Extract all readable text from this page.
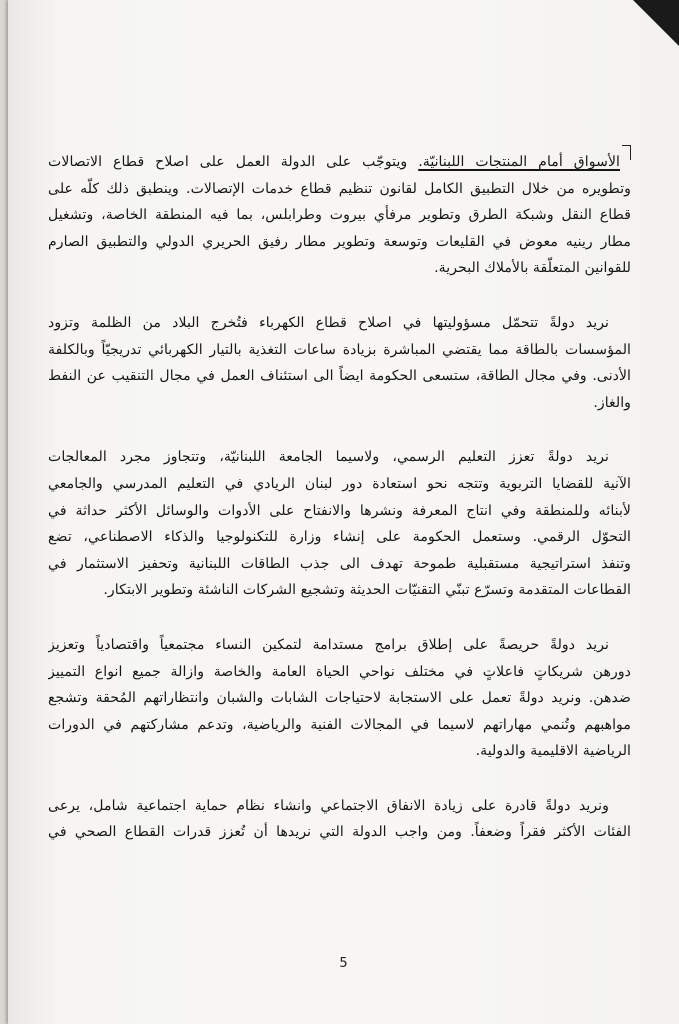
الأسواق أمام المنتجات اللبنانيّة. ويتوجّب على الدولة العمل على اصلاح قطاع الاتصالات
وتطويره من خلال التطبيق الكامل لقانون تنظيم قطاع خدمات الإتصالات. وينطبق ذلك كلّه على
قطاع النقل وشبكة الطرق وتطوير مرفأي بيروت وطرابلس، بما فيه المنطقة الخاصة، وتشغيل
مطار رينيه معوض في القليعات وتوسعة وتطوير مطار رفيق الحريري الدولي والتطبيق الصارم
للقوانين المتعلّقة بالأملاك البحرية.
نريد دولةً تتحمّل مسؤوليتها في اصلاح قطاع الكهرباء فتُخرج البلاد من الظلمة وتزود
المؤسسات بالطاقة مما يقتضي المباشرة بزيادة ساعات التغذية بالتيار الكهربائي تدريجيّاً وبالكلفة
الأدنى. وفي مجال الطاقة، ستسعى الحكومة ايضاً الى استئناف العمل في مجال التنقيب عن النفط
والغاز.
نريد دولةً تعزز التعليم الرسمي، ولاسيما الجامعة اللبنانيّة، وتتجاوز مجرد المعالجات
الآنية للقضايا التربوية وتتجه نحو استعادة دور لبنان الريادي في التعليم المدرسي والجامعي
لأبنائه وللمنطقة وفي انتاج المعرفة ونشرها والانفتاح على الأدوات والوسائل الأكثر حداثة في
التحوّل الرقمي. وستعمل الحكومة على إنشاء وزارة للتكنولوجيا والذكاء الاصطناعي، تضع
وتنفذ استراتيجية مستقبلية طموحة تهدف الى جذب الطاقات اللبنانية وتحفيز الاستثمار في
القطاعات المتقدمة وتسرّع تبنّي التقنيّات الحديثة وتشجيع الشركات الناشئة وتطوير الابتكار.
نريد دولةً حريصةً على إطلاق برامج مستدامة لتمكين النساء مجتمعياً واقتصادياً وتعزيز
دورهن شريكاتٍ فاعلاتٍ في مختلف نواحي الحياة العامة والخاصة وازالة جميع انواع التمييز
ضدهن. ونريد دولةً تعمل على الاستجابة لاحتياجات الشابات والشبان وانتظاراتهم المُحقة وتشجع
مواهبهم وتُنمي مهاراتهم لاسيما في المجالات الفنية والرياضية، وتدعم مشاركتهم في الدورات
الرياضية الاقليمية والدولية.
ونريد دولةً قادرة على زيادة الانفاق الاجتماعي وانشاء نظام حماية اجتماعية شامل، يرعى
الفئات الأكثر فقراً وضعفاً. ومن واجب الدولة التي نريدها أن تُعزز قدرات القطاع الصحي في
5
